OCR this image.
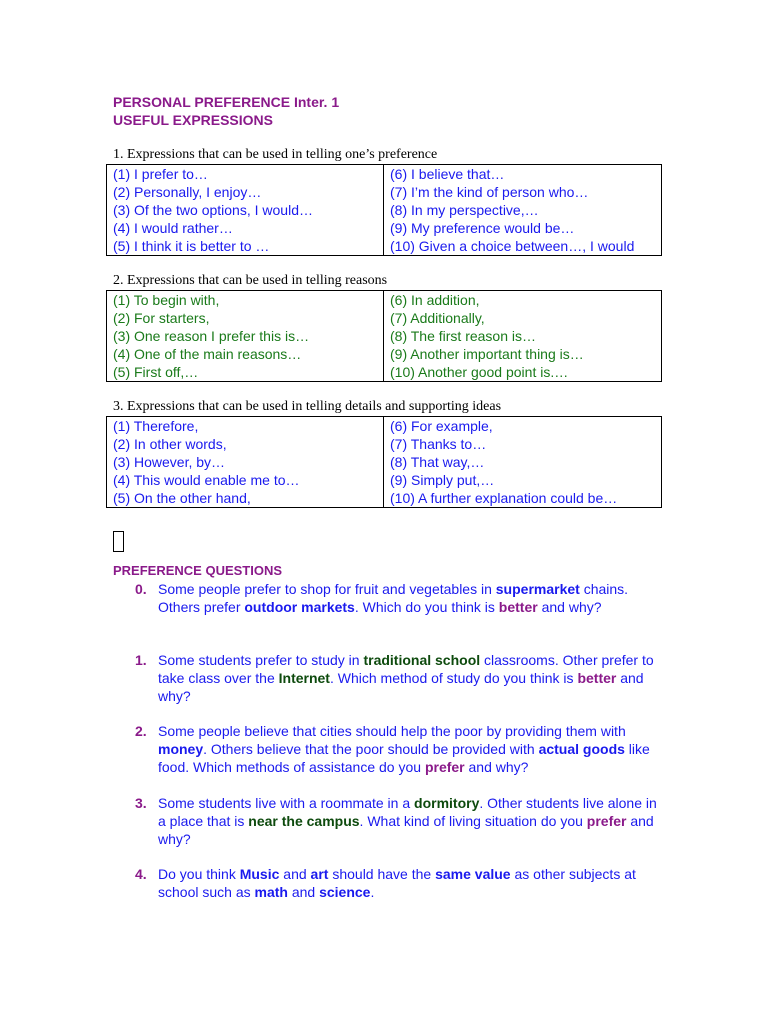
PERSONAL PREFERENCE Inter. 1
USEFUL EXPRESSIONS
1. Expressions that can be used in telling one’s preference
(1) I prefer to…
(2) Personally, I enjoy…
(3) Of the two options, I would…
(4) I would rather…
(5) I think it is better to …

(6) I believe that…
(7) I’m the kind of person who…
(8) In my perspective,…
(9) My preference would be…
(10) Given a choice between…, I would
2. Expressions that can be used in telling reasons
(1) To begin with,
(2) For starters,
(3) One reason I prefer this is…
(4) One of the main reasons…
(5) First off,…

(6) In addition,
(7) Additionally,
(8) The first reason is…
(9) Another important thing is…
(10) Another good point is.…
3. Expressions that can be used in telling details and supporting ideas
(1) Therefore,
(2) In other words,
(3) However, by…
(4) This would enable me to…
(5) On the other hand,

(6) For example,
(7) Thanks to…
(8) That way,…
(9) Simply put,…
(10) A further explanation could be…
PREFERENCE QUESTIONS
0. Some people prefer to shop for fruit and vegetables in supermarket chains. Others prefer outdoor markets. Which do you think is better and why?
1. Some students prefer to study in traditional school classrooms. Other prefer to take class over the Internet. Which method of study do you think is better and why?
2. Some people believe that cities should help the poor by providing them with money. Others believe that the poor should be provided with actual goods like food. Which methods of assistance do you prefer and why?
3. Some students live with a roommate in a dormitory. Other students live alone in a place that is near the campus. What kind of living situation do you prefer and why?
4. Do you think Music and art should have the same value as other subjects at school such as math and science.
